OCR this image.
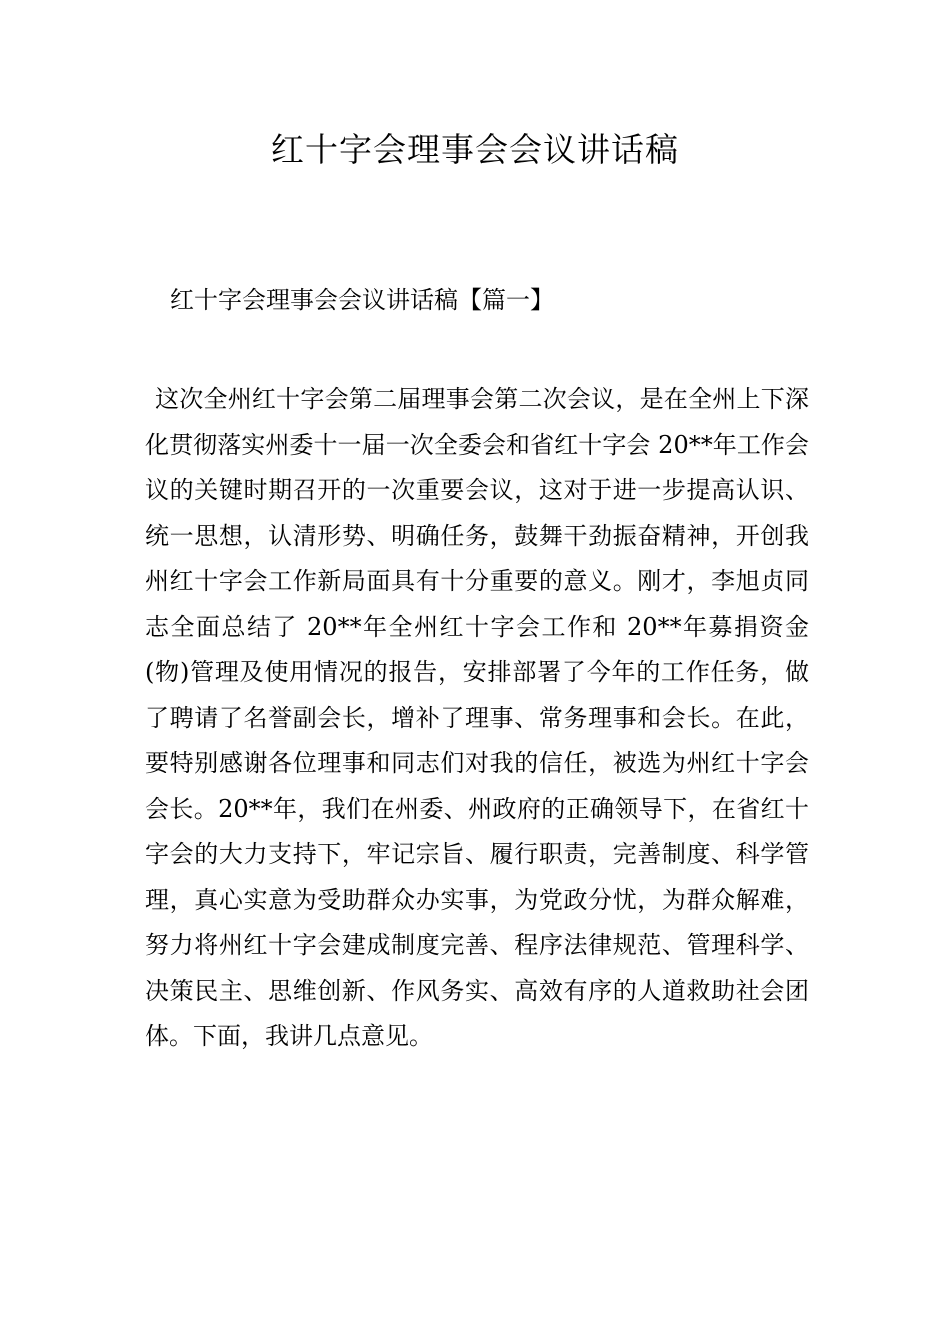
红十字会理事会会议讲话稿
红十字会理事会会议讲话稿【篇一】

这次全州红十字会第二届理事会第二次会议，是在全州上下深化贯彻落实州委十一届一次全委会和省红十字会 20**年工作会议的关键时期召开的一次重要会议，这对于进一步提高认识、统一思想，认清形势、明确任务，鼓舞干劲振奋精神，开创我州红十字会工作新局面具有十分重要的意义。刚才，李旭贞同志全面总结了 20**年全州红十字会工作和 20**年募捐资金(物)管理及使用情况的报告，安排部署了今年的工作任务，做了聘请了名誉副会长，增补了理事、常务理事和会长。在此，要特别感谢各位理事和同志们对我的信任，被选为州红十字会会长。20**年，我们在州委、州政府的正确领导下，在省红十字会的大力支持下，牢记宗旨、履行职责，完善制度、科学管理，真心实意为受助群众办实事，为党政分忧，为群众解难，努力将州红十字会建成制度完善、程序法律规范、管理科学、决策民主、思维创新、作风务实、高效有序的人道救助社会团体。下面，我讲几点意见。
